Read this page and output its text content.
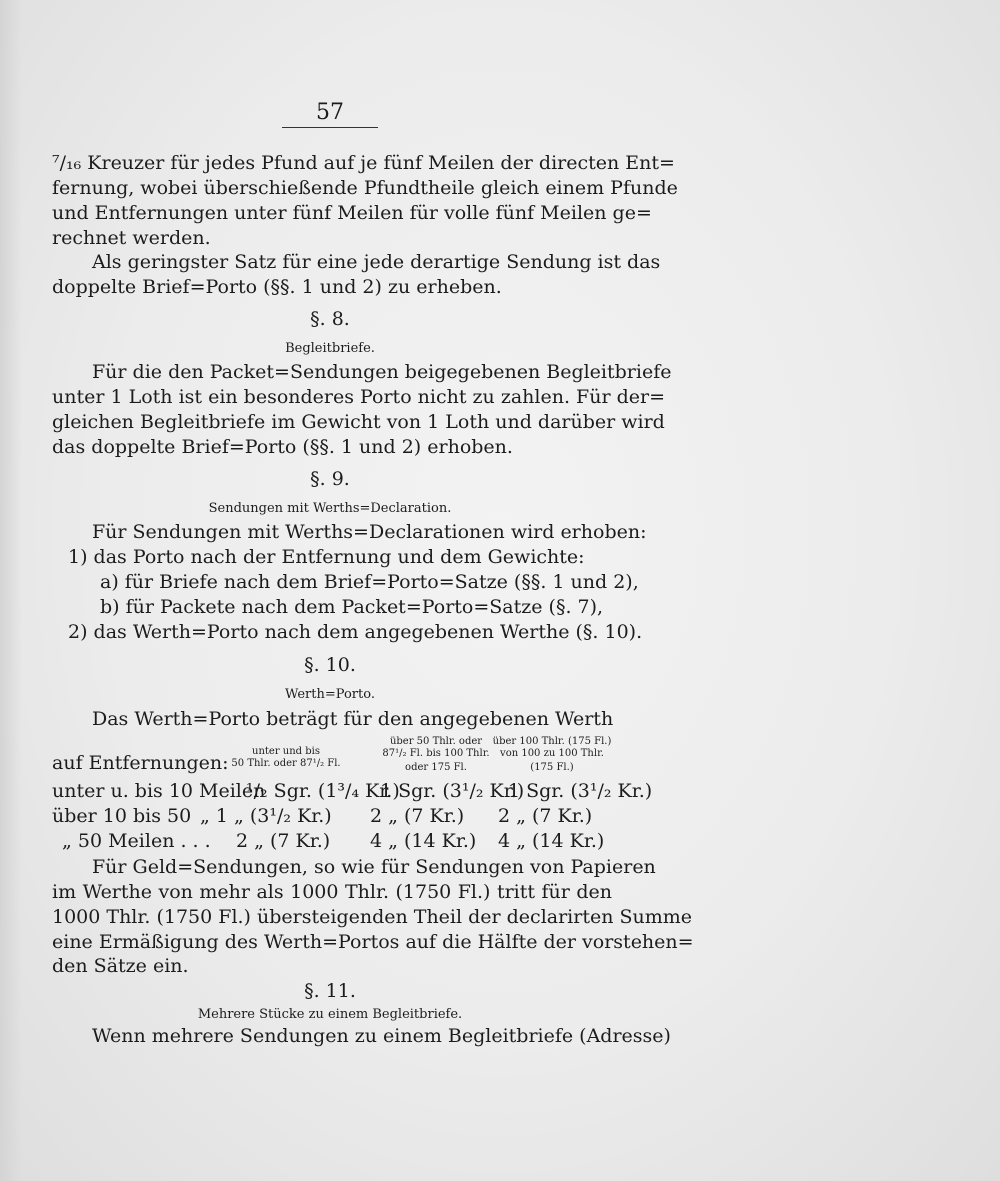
57
⁷/₁₆ Kreuzer für jedes Pfund auf je fünf Meilen der directen Ent=
fernung, wobei überschießende Pfundtheile gleich einem Pfunde
und Entfernungen unter fünf Meilen für volle fünf Meilen ge=
rechnet werden.
Als geringster Satz für eine jede derartige Sendung ist das
doppelte Brief=Porto (§§. 1 und 2) zu erheben.
§. 8.
Begleitbriefe.
Für die den Packet=Sendungen beigegebenen Begleitbriefe
unter 1 Loth ist ein besonderes Porto nicht zu zahlen. Für der=
gleichen Begleitbriefe im Gewicht von 1 Loth und darüber wird
das doppelte Brief=Porto (§§. 1 und 2) erhoben.
§. 9.
Sendungen mit Werths=Declaration.
Für Sendungen mit Werths=Declarationen wird erhoben:
1) das Porto nach der Entfernung und dem Gewichte:
a) für Briefe nach dem Brief=Porto=Satze (§§. 1 und 2),
b) für Packete nach dem Packet=Porto=Satze (§. 7),
2) das Werth=Porto nach dem angegebenen Werthe (§. 10).
§. 10.
Werth=Porto.
Das Werth=Porto beträgt für den angegebenen Werth
auf Entfernungen:
unter und bis
50 Thlr. oder 87¹/₂ Fl.
über 50 Thlr. oder
87¹/₂ Fl. bis 100 Thlr.
oder 175 Fl.
über 100 Thlr. (175 Fl.)
von 100 zu 100 Thlr.
(175 Fl.)
unter u. bis 10 Meilen
¹/₂ Sgr. (1³/₄ Kr.)
1 Sgr. (3¹/₂ Kr.)
1 Sgr. (3¹/₂ Kr.)
über 10 bis 50 „ 1 „ (3¹/₂ Kr.) 2 „ (7 Kr.) 2 „ (7 Kr.)
„ 50 Meilen . . . 2 „ (7 Kr.) 4 „ (14 Kr.) 4 „ (14 Kr.)
Für Geld=Sendungen, so wie für Sendungen von Papieren
im Werthe von mehr als 1000 Thlr. (1750 Fl.) tritt für den
1000 Thlr. (1750 Fl.) übersteigenden Theil der declarirten Summe
eine Ermäßigung des Werth=Portos auf die Hälfte der vorstehen=
den Sätze ein.
§. 11.
Mehrere Stücke zu einem Begleitbriefe.
Wenn mehrere Sendungen zu einem Begleitbriefe (Adresse)
